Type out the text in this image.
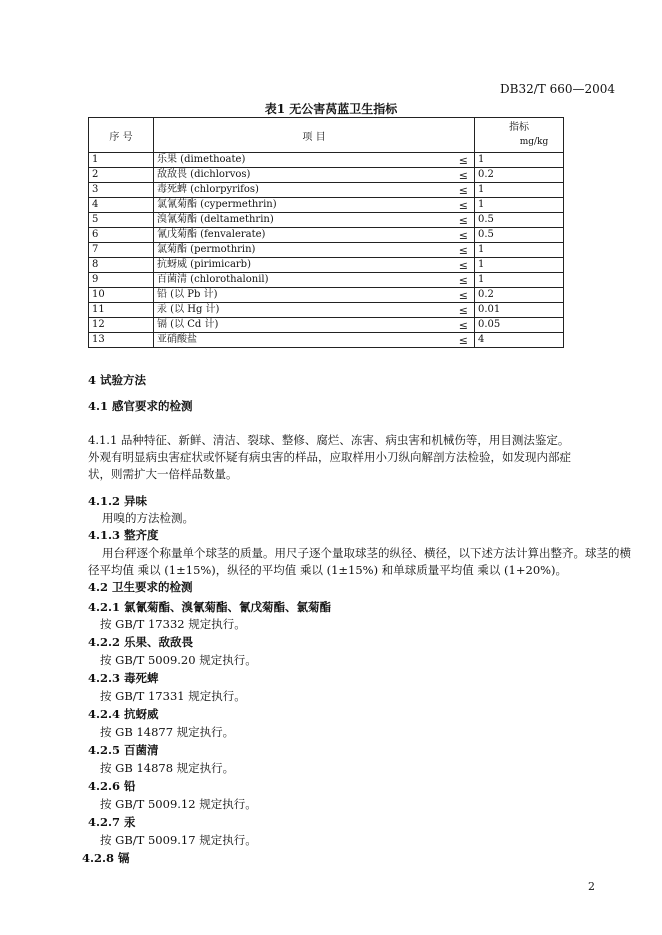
DB32/T 660—2004
表1 无公害莴蓝卫生指标
序 号	项 目	指标
mg/kg

1	乐果 (dimethoate) ≤	1
2	敌敌畏 (dichlorvos) ≤	0.2
3	毒死蜱 (chlorpyrifos) ≤	1
4	氯氰菊酯 (cypermethrin) ≤	1
5	溴氰菊酯 (deltamethrin) ≤	0.5
6	氰戊菊酯 (fenvalerate) ≤	0.5
7	氯菊酯 (permothrin) ≤	1
8	抗蚜威 (pirimicarb) ≤	1
9	百菌清 (chlorothalonil) ≤	1
10	铅 (以 Pb 计) ≤	0.2
11	汞 (以 Hg 计) ≤	0.01
12	镉 (以 Cd 计) ≤	0.05
13	亚硝酸盐 ≤	4
4 试验方法
4.1 感官要求的检测
4.1.1 品种特征、新鲜、清洁、裂球、整修、腐烂、冻害、病虫害和机械伤等，用目测法鉴定。外观有明显病虫害症状或怀疑有病虫害的样品，应取样用小刀纵向解剖方法检验，如发现内部症状，则需扩大一倍样品数量。
4.1.2 异味
用嗅的方法检测。
4.1.3 整齐度
用台秤逐个称量单个球茎的质量。用尺子逐个量取球茎的纵径、横径，以下述方法计算出整齐。球茎的横
径平均值 乘以 (1±15%)，纵径的平均值 乘以 (1±15%) 和单球质量平均值 乘以 (1+20%)。
4.2 卫生要求的检测
4.2.1 氯氰菊酯、溴氰菊酯、氰戊菊酯、氯菊酯
按 GB/T 17332 规定执行。
4.2.2 乐果、敌敌畏
按 GB/T 5009.20 规定执行。
4.2.3 毒死蜱
按 GB/T 17331 规定执行。
4.2.4 抗蚜威
按 GB 14877 规定执行。
4.2.5 百菌清
按 GB 14878 规定执行。
4.2.6 铅
按 GB/T 5009.12 规定执行。
4.2.7 汞
按 GB/T 5009.17 规定执行。
4.2.8 镉
2
